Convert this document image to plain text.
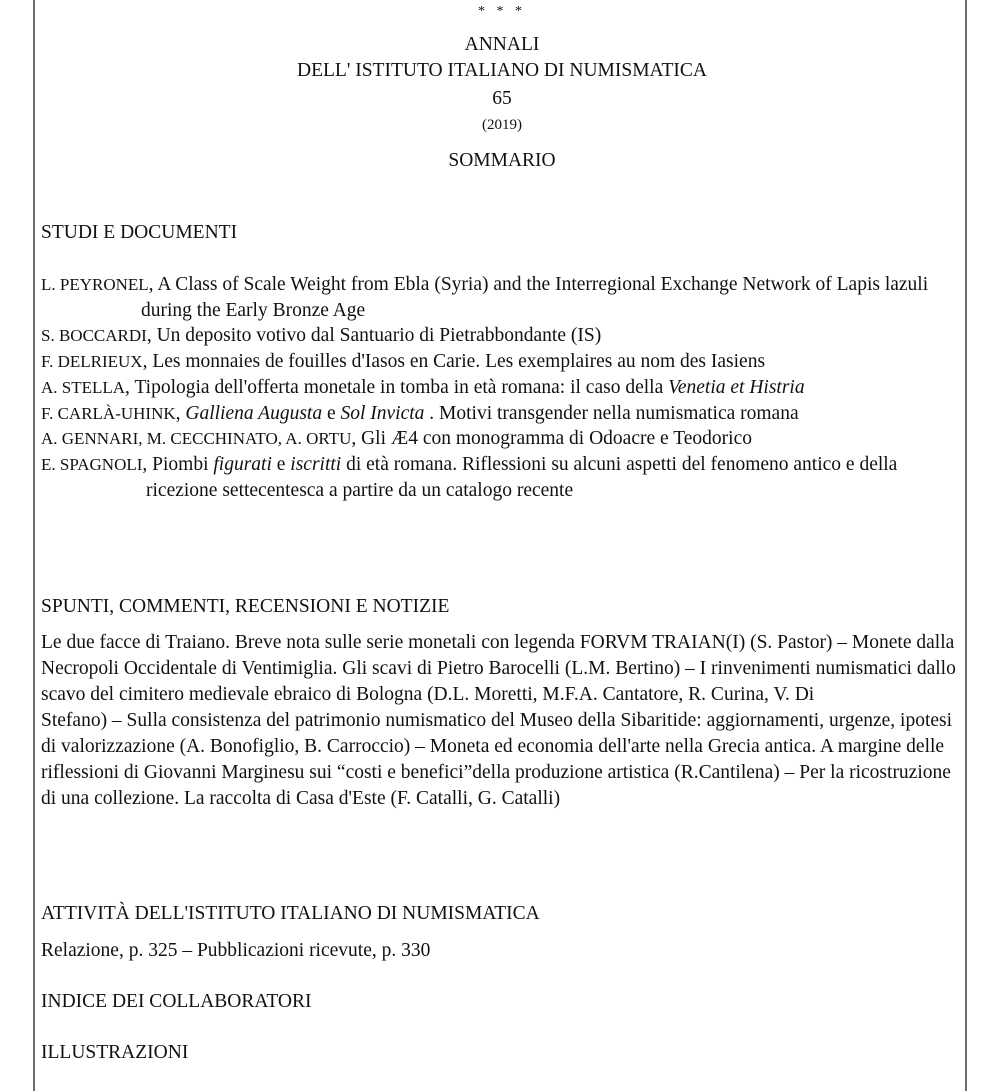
* * *
ANNALI
DELL' ISTITUTO ITALIANO DI NUMISMATICA
65
(2019)
SOMMARIO
STUDI E DOCUMENTI

L. PEYRONEL, A Class of Scale Weight from Ebla (Syria) and the Interregional Exchange Network of Lapis lazuli

during the Early Bronze Age

S. BOCCARDI, Un deposito votivo dal Santuario di Pietrabbondante (IS)

F. DELRIEUX, Les monnaies de fouilles d'Iasos en Carie. Les exemplaires au nom des Iasiens

A. STELLA, Tipologia dell'offerta monetale in tomba in età romana: il caso della Venetia et Histria

F. CARLÀ-UHINK, Galliena Augusta e Sol Invicta . Motivi transgender nella numismatica romana

A. GENNARI, M. CECCHINATO, A. ORTU, Gli Æ4 con monogramma di Odoacre e Teodorico

E. SPAGNOLI, Piombi figurati e iscritti di età romana. Riflessioni su alcuni aspetti del fenomeno antico e della

ricezione settecentesca a partire da un catalogo recente

SPUNTI, COMMENTI, RECENSIONI E NOTIZIE
Le due facce di Traiano. Breve nota sulle serie monetali con legenda FORVM TRAIAN(I) (S. Pastor) – Monete dalla Necropoli Occidentale di Ventimiglia. Gli scavi di Pietro Barocelli (L.M. Bertino) – I rinvenimenti numismatici dallo scavo del cimitero medievale ebraico di Bologna (D.L. Moretti, M.F.A. Cantatore, R. Curina, V. Di
Stefano) – Sulla consistenza del patrimonio numismatico del Museo della Sibaritide: aggiornamenti, urgenze, ipotesi di valorizzazione (A. Bonofiglio, B. Carroccio) – Moneta ed economia dell'arte nella Grecia antica. A margine delle riflessioni di Giovanni Marginesu sui “costi e benefici”della produzione artistica (R.Cantilena) – Per la ricostruzione di una collezione. La raccolta di Casa d'Este (F. Catalli, G. Catalli)
ATTIVITÀ DELL'ISTITUTO ITALIANO DI NUMISMATICA
Relazione, p. 325 – Pubblicazioni ricevute, p. 330
INDICE DEI COLLABORATORI
ILLUSTRAZIONI
